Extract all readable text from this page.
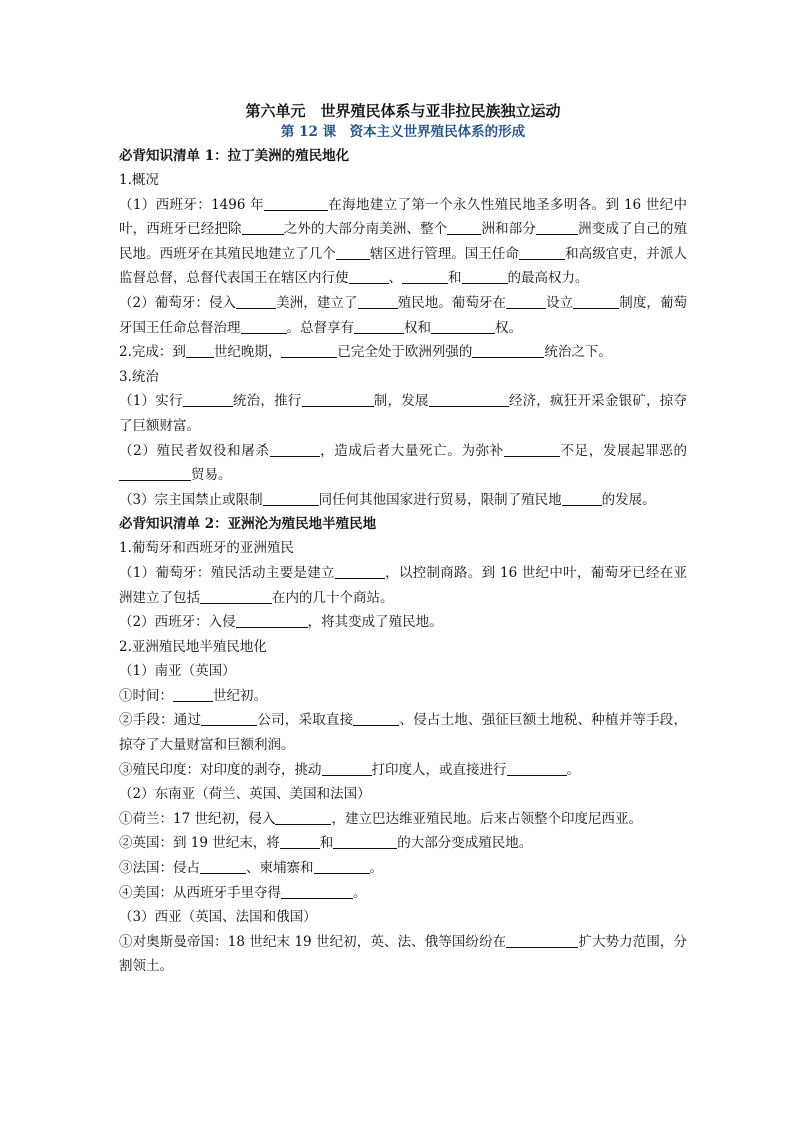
第六单元　世界殖民体系与亚非拉民族独立运动
第 12 课　资本主义世界殖民体系的形成

必背知识清单 1：拉丁美洲的殖民地化

1.概况

（1）西班牙：1496 年	在海地建立了第一个永久性殖民地圣多明各。到 16 世纪中叶，西班牙已经把除	之外的大部分南美洲、整个	洲和部分	洲变成了自己的殖民地。西班牙在其殖民地建立了几个	辖区进行管理。国王任命	和高级官吏，并派人监督总督，总督代表国王在辖区内行使	、	和	的最高权力。

（2）葡萄牙：侵入	美洲，建立了	殖民地。葡萄牙在	设立	制度，葡萄牙国王任命总督治理	。总督享有	权和	权。

2.完成：到 世纪晚期，	已完全处于欧洲列强的	统治之下。

3.统治

（1）实行	统治，推行	制，发展	经济，疯狂开采金银矿，掠夺了巨额财富。

（2）殖民者奴役和屠杀	，造成后者大量死亡。为弥补	不足，发展起罪恶的贸易。

（3）宗主国禁止或限制	同任何其他国家进行贸易，限制了殖民地	的发展。

必背知识清单 2：亚洲沦为殖民地半殖民地

1.葡萄牙和西班牙的亚洲殖民

（1）葡萄牙：殖民活动主要是建立	，以控制商路。到 16 世纪中叶，葡萄牙已经在亚洲建立了包括	在内的几十个商站。

（2）西班牙：入侵	，将其变成了殖民地。

2.亚洲殖民地半殖民地化

（1）南亚（英国）

①时间：	世纪初。

②手段：通过	公司，采取直接	、侵占土地、强征巨额土地税、种植并等手段，掠夺了大量财富和巨额利润。

③殖民印度：对印度的剥夺，挑动	打印度人，或直接进行	。

（2）东南亚（荷兰、英国、美国和法国）

①荷兰：17 世纪初，侵入	，建立巴达维亚殖民地。后来占领整个印度尼西亚。

②英国：到 19 世纪末，将	和	的大部分变成殖民地。

③法国：侵占	、柬埔寨和	。

④美国：从西班牙手里夺得	。

（3）西亚（英国、法国和俄国）

①对奥斯曼帝国：18 世纪末 19 世纪初，英、法、俄等国纷纷在	扩大势力范围，分割领土。
